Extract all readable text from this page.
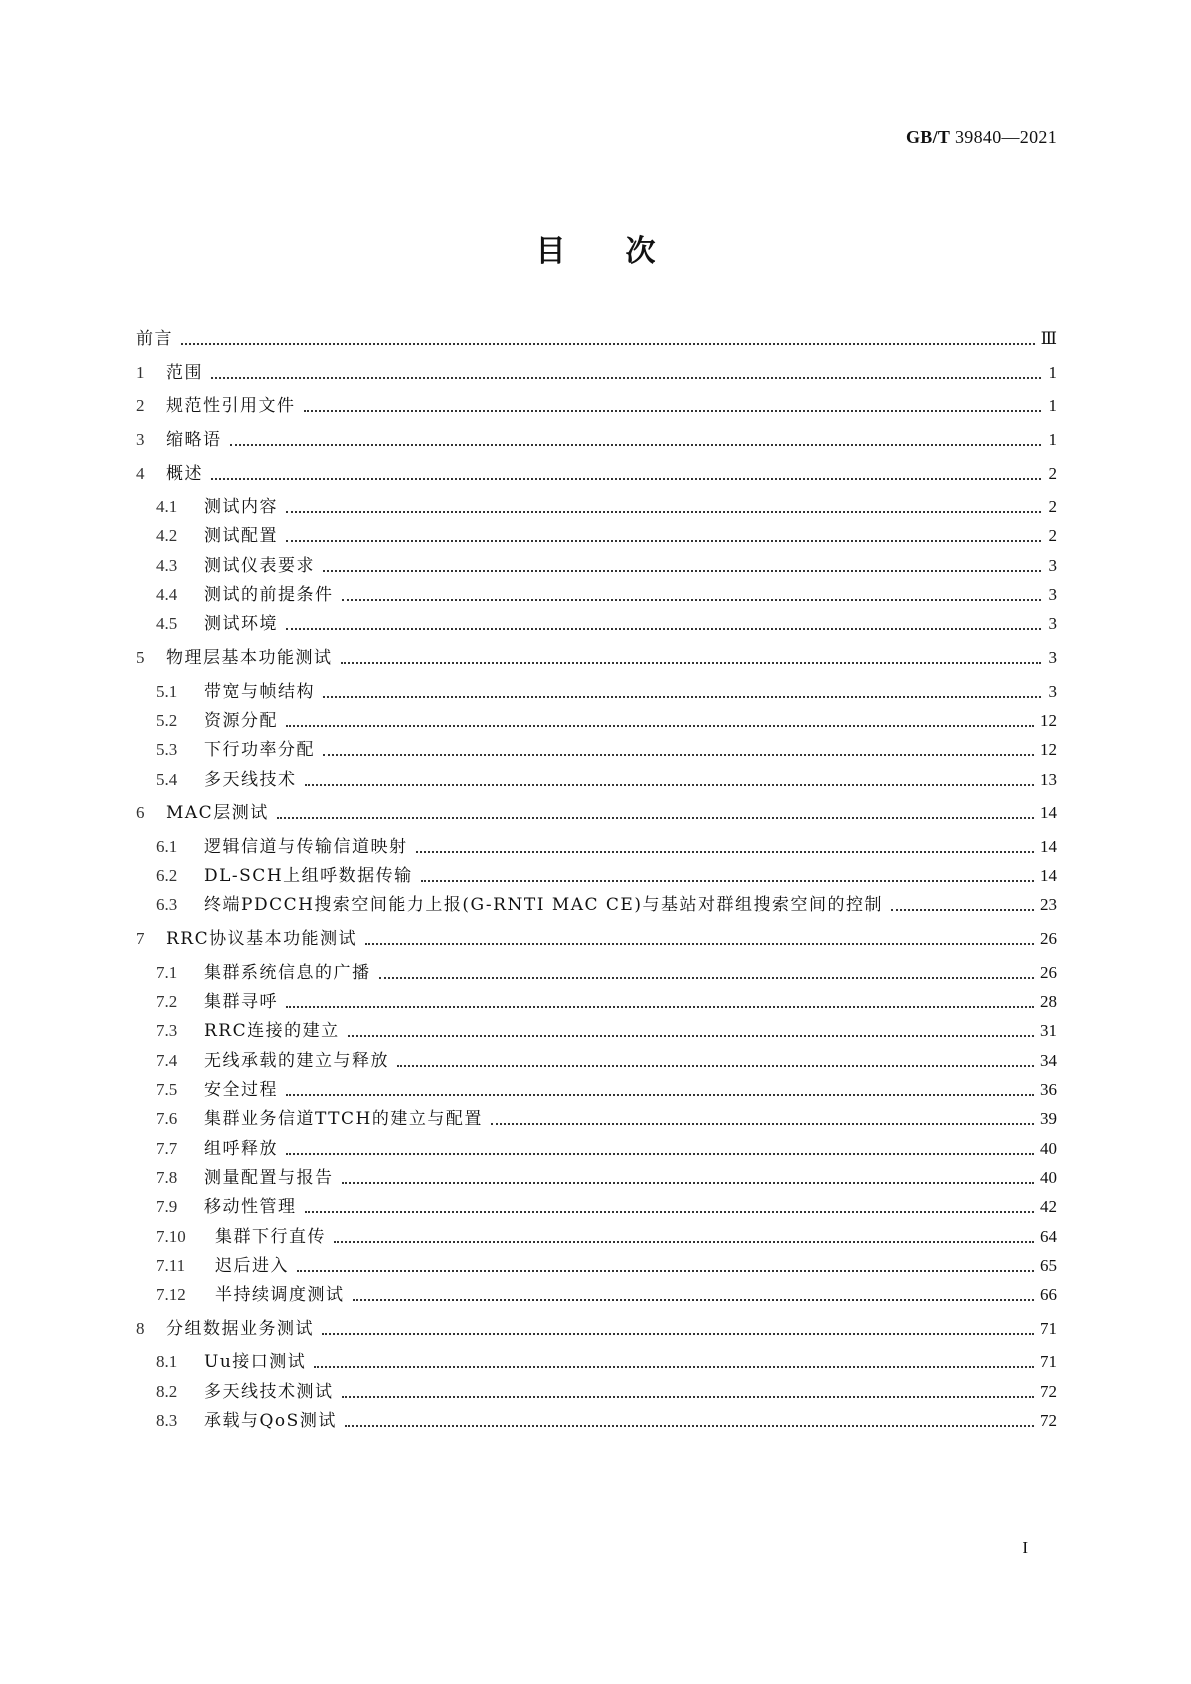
GB/T 39840—2021
目次
前言	Ⅲ
1	范围	1
2	规范性引用文件	1
3	缩略语	1
4	概述	2
4.1	测试内容	2
4.2	测试配置	2
4.3	测试仪表要求	3
4.4	测试的前提条件	3
4.5	测试环境	3
5	物理层基本功能测试	3
5.1	带宽与帧结构	3
5.2	资源分配	12
5.3	下行功率分配	12
5.4	多天线技术	13
6	MAC层测试	14
6.1	逻辑信道与传输信道映射	14
6.2	DL-SCH上组呼数据传输	14
6.3	终端PDCCH搜索空间能力上报(G-RNTI MAC CE)与基站对群组搜索空间的控制	23
7	RRC协议基本功能测试	26
7.1	集群系统信息的广播	26
7.2	集群寻呼	28
7.3	RRC连接的建立	31
7.4	无线承载的建立与释放	34
7.5	安全过程	36
7.6	集群业务信道TTCH的建立与配置	39
7.7	组呼释放	40
7.8	测量配置与报告	40
7.9	移动性管理	42
7.10	集群下行直传	64
7.11	迟后进入	65
7.12	半持续调度测试	66
8	分组数据业务测试	71
8.1	Uu接口测试	71
8.2	多天线技术测试	72
8.3	承载与QoS测试	72
I
